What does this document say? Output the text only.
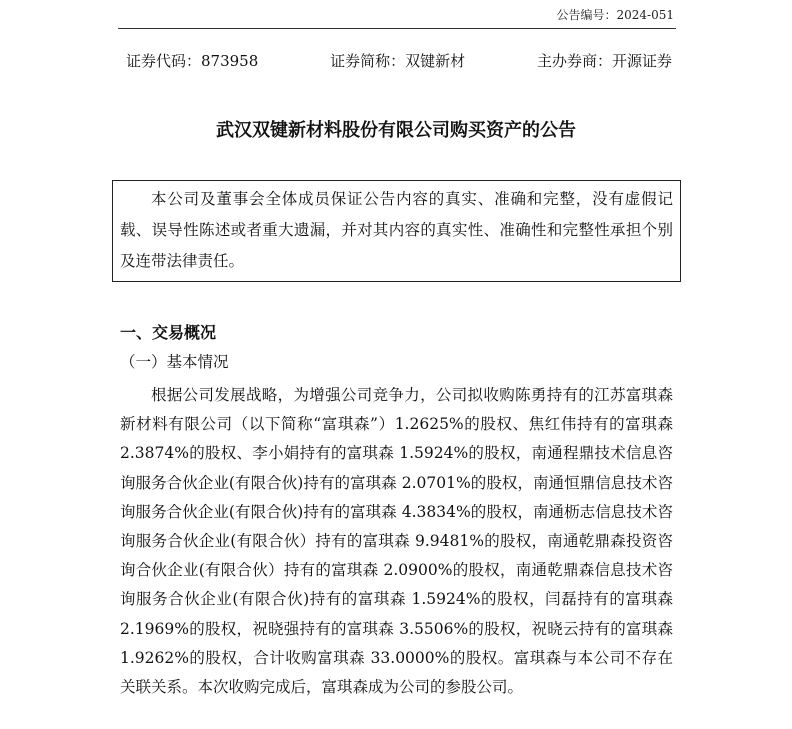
公告编号：2024-051
证券代码：873958	证券简称：双键新材	主办券商：开源证券
武汉双键新材料股份有限公司购买资产的公告

本公司及董事会全体成员保证公告内容的真实、准确和完整，没有虚假记载、误导性陈述或者重大遗漏，并对其内容的真实性、准确性和完整性承担个别及连带法律责任。

一、交易概况
（一）基本情况

根据公司发展战略，为增强公司竞争力，公司拟收购陈勇持有的江苏富琪森新材料有限公司（以下简称“富琪森”）1.2625%的股权、焦红伟持有的富琪森2.3874%的股权、李小娟持有的富琪森 1.5924%的股权，南通程鼎技术信息咨询服务合伙企业(有限合伙)持有的富琪森 2.0701%的股权，南通恒鼎信息技术咨询服务合伙企业(有限合伙)持有的富琪森 4.3834%的股权，南通枥志信息技术咨询服务合伙企业(有限合伙）持有的富琪森 9.9481%的股权，南通乾鼎森投资咨询合伙企业(有限合伙）持有的富琪森 2.0900%的股权，南通乾鼎森信息技术咨询服务合伙企业(有限合伙)持有的富琪森 1.5924%的股权，闫磊持有的富琪森2.1969%的股权，祝晓强持有的富琪森 3.5506%的股权，祝晓云持有的富琪森1.9262%的股权，合计收购富琪森 33.0000%的股权。富琪森与本公司不存在关联关系。本次收购完成后，富琪森成为公司的参股公司。
